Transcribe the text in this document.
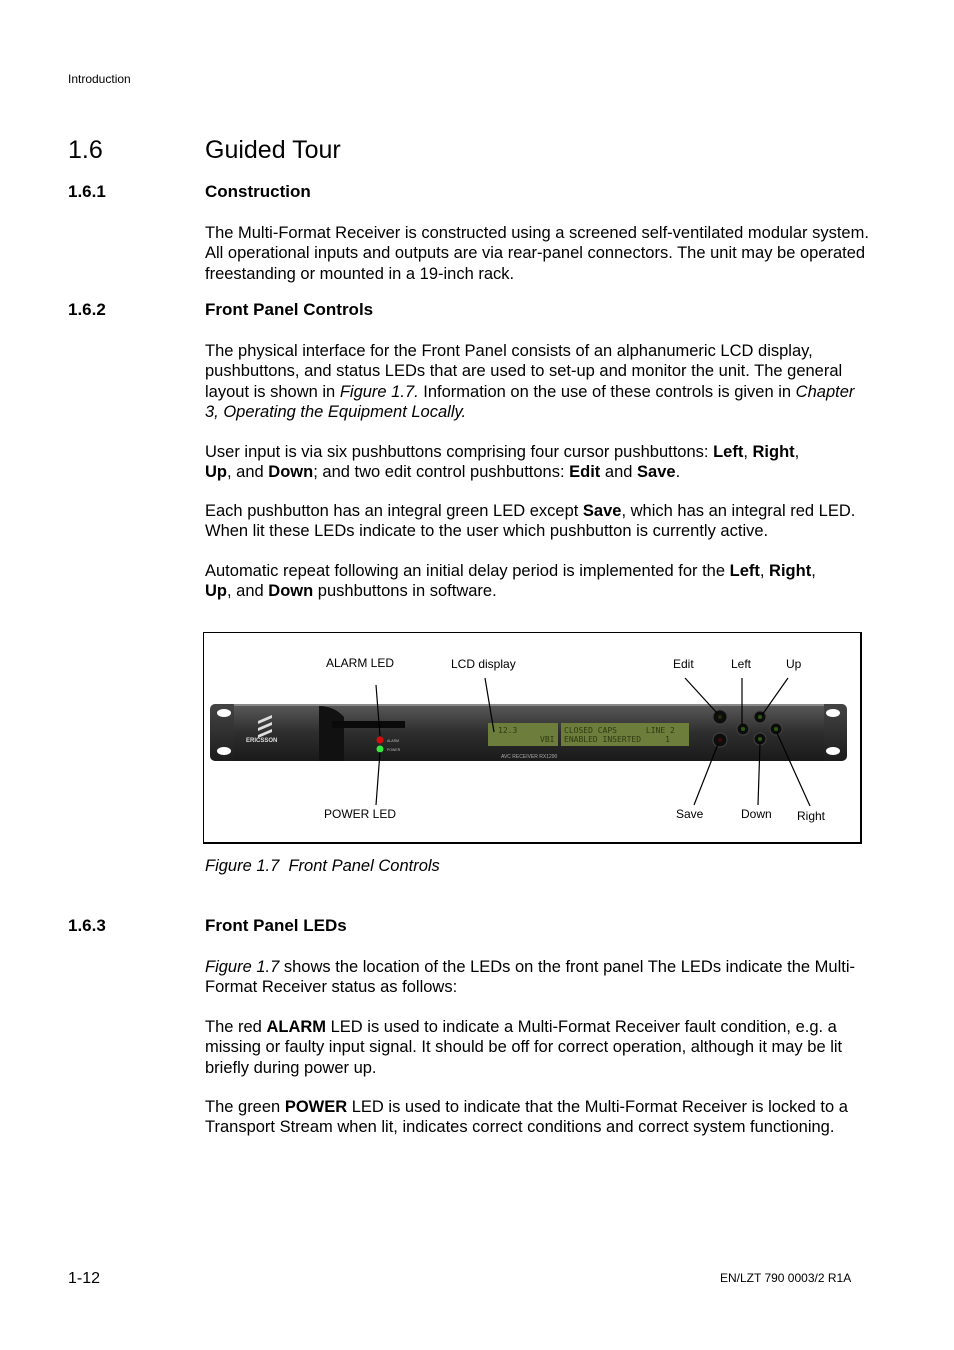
Introduction
1.6	Guided Tour
1.6.1	Construction

The Multi-Format Receiver is constructed using a screened self-ventilated modular system. All operational inputs and outputs are via rear-panel connectors. The unit may be operated freestanding or mounted in a 19-inch rack.

1.6.2	Front Panel Controls

The physical interface for the Front Panel consists of an alphanumeric LCD display, pushbuttons, and status LEDs that are used to set-up and monitor the unit. The general layout is shown in Figure 1.7. Information on the use of these controls is given in Chapter 3, Operating the Equipment Locally.

User input is via six pushbuttons comprising four cursor pushbuttons: Left, Right,
Up, and Down; and two edit control pushbuttons: Edit and Save.

Each pushbutton has an integral green LED except Save, which has an integral red LED. When lit these LEDs indicate to the user which pushbutton is currently active.

Automatic repeat following an initial delay period is implemented for the Left, Right,
Up, and Down pushbuttons in software.

ALARM LED	LCD display	Edit	Left	Up
POWER LED	Save	Down Right
ERICSSON	ALARM
POWER
12.3
VBI
CLOSED CAPS      LINE 2
ENABLED INSERTED     1
AVC RECEIVER RX1290
Figure 1.7 Front Panel Controls
1.6.3	Front Panel LEDs

Figure 1.7 shows the location of the LEDs on the front panel The LEDs indicate the Multi-Format Receiver status as follows:

The red ALARM LED is used to indicate a Multi-Format Receiver fault condition, e.g. a missing or faulty input signal. It should be off for correct operation, although it may be lit briefly during power up.

The green POWER LED is used to indicate that the Multi-Format Receiver is locked to a Transport Stream when lit, indicates correct conditions and correct system functioning.

1-12	EN/LZT 790 0003/2 R1A
